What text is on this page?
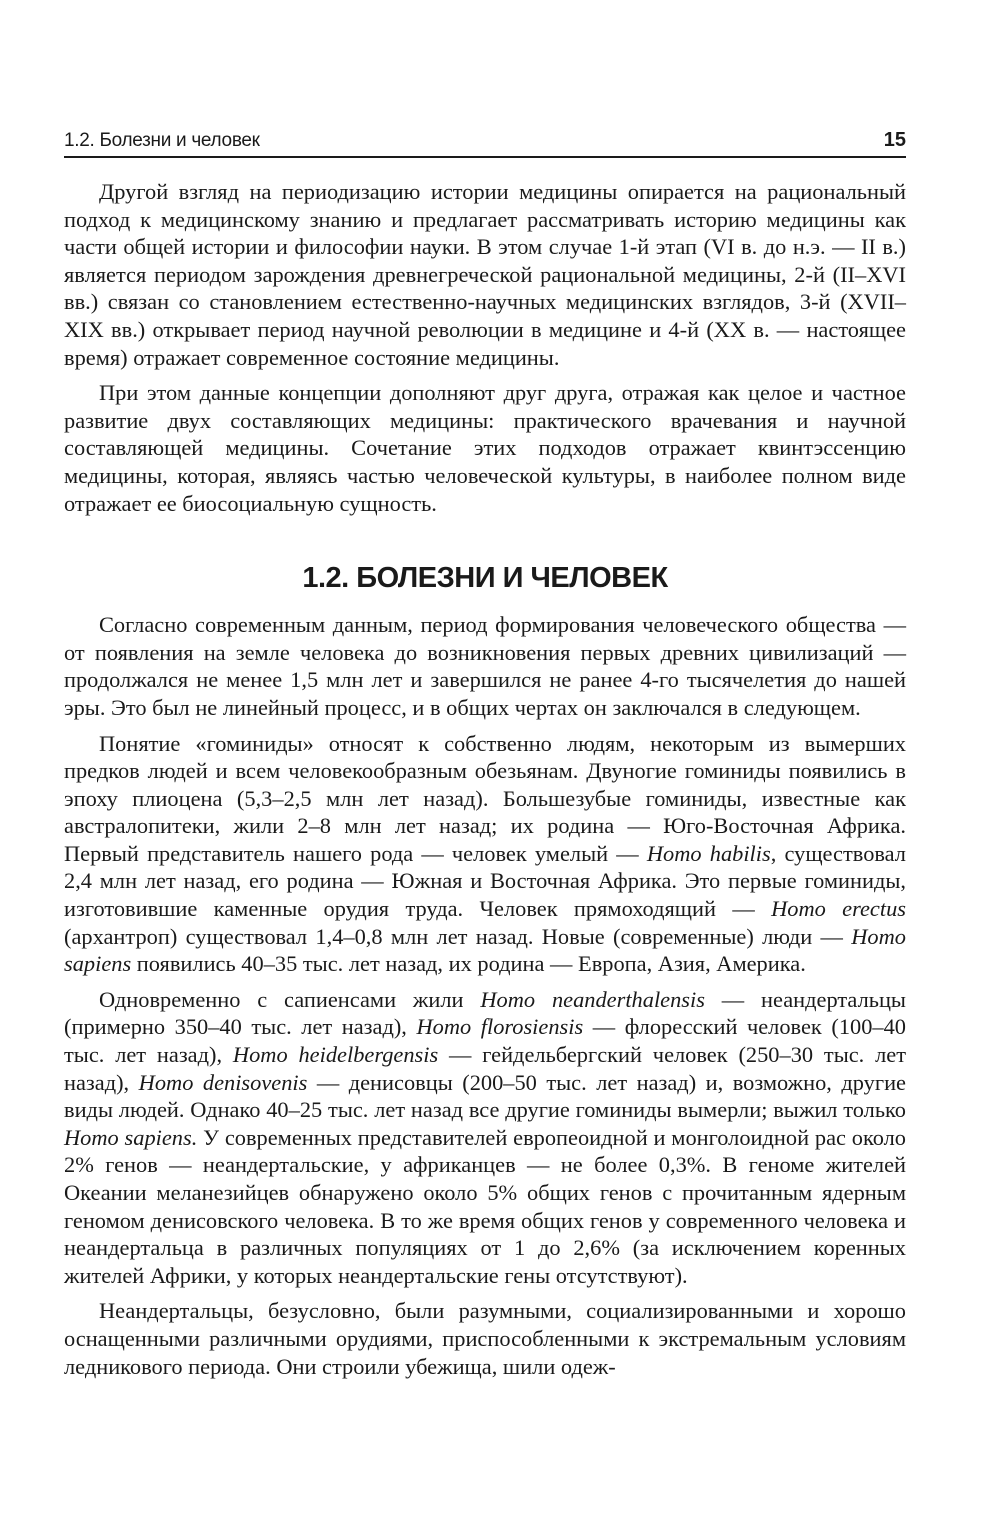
1.2. Болезни и человек	15

Другой взгляд на периодизацию истории медицины опирается на рациональный подход к медицинскому знанию и предлагает рассматривать историю медицины как части общей истории и философии науки. В этом случае 1-й этап (VI в. до н.э. — II в.) является периодом зарождения древнегреческой рациональной медицины, 2-й (II–XVI вв.) связан со становлением естественно-научных медицинских взглядов, 3-й (XVII–XIX вв.) открывает период научной революции в медицине и 4-й (XX в. — настоящее время) отражает современное состояние медицины.

При этом данные концепции дополняют друг друга, отражая как целое и частное развитие двух составляющих медицины: практического врачевания и научной составляющей медицины. Сочетание этих подходов отражает квинтэссенцию медицины, которая, являясь частью человеческой культуры, в наиболее полном виде отражает ее биосоциальную сущность.

1.2. БОЛЕЗНИ И ЧЕЛОВЕК

Согласно современным данным, период формирования человеческого общества — от появления на земле человека до возникновения первых древних цивилизаций — продолжался не менее 1,5 млн лет и завершился не ранее 4-го тысячелетия до нашей эры. Это был не линейный процесс, и в общих чертах он заключался в следующем.

Понятие «гоминиды» относят к собственно людям, некоторым из вымерших предков людей и всем человекообразным обезьянам. Двуногие гоминиды появились в эпоху плиоцена (5,3–2,5 млн лет назад). Большезубые гоминиды, известные как австралопитеки, жили 2–8 млн лет назад; их родина — Юго-Восточная Африка. Первый представитель нашего рода — человек умелый — Homo habilis, существовал 2,4 млн лет назад, его родина — Южная и Восточная Африка. Это первые гоминиды, изготовившие каменные орудия труда. Человек прямоходящий — Homo erectus (архантроп) существовал 1,4–0,8 млн лет назад. Новые (современные) люди — Homo sapiens появились 40–35 тыс. лет назад, их родина — Европа, Азия, Америка.

Одновременно с сапиенсами жили Homo neanderthalensis — неандертальцы (примерно 350–40 тыс. лет назад), Homo florosiensis — флоресский человек (100–40 тыс. лет назад), Homo heidelbergensis — гейдельбергский человек (250–30 тыс. лет назад), Homo denisovenis — денисовцы (200–50 тыс. лет назад) и, возможно, другие виды людей. Однако 40–25 тыс. лет назад все другие гоминиды вымерли; выжил только Homo sapiens. У современных представителей европеоидной и монголоидной рас около 2% генов — неандертальские, у африканцев — не более 0,3%. В геноме жителей Океании меланезийцев обнаружено около 5% общих генов с прочитанным ядерным геномом денисовского человека. В то же время общих генов у современного человека и неандертальца в различных популяциях от 1 до 2,6% (за исключением коренных жителей Африки, у которых неандертальские гены отсутствуют).

Неандертальцы, безусловно, были разумными, социализированными и хорошо оснащенными различными орудиями, приспособленными к экстремальным условиям ледникового периода. Они строили убежища, шили одеж-
